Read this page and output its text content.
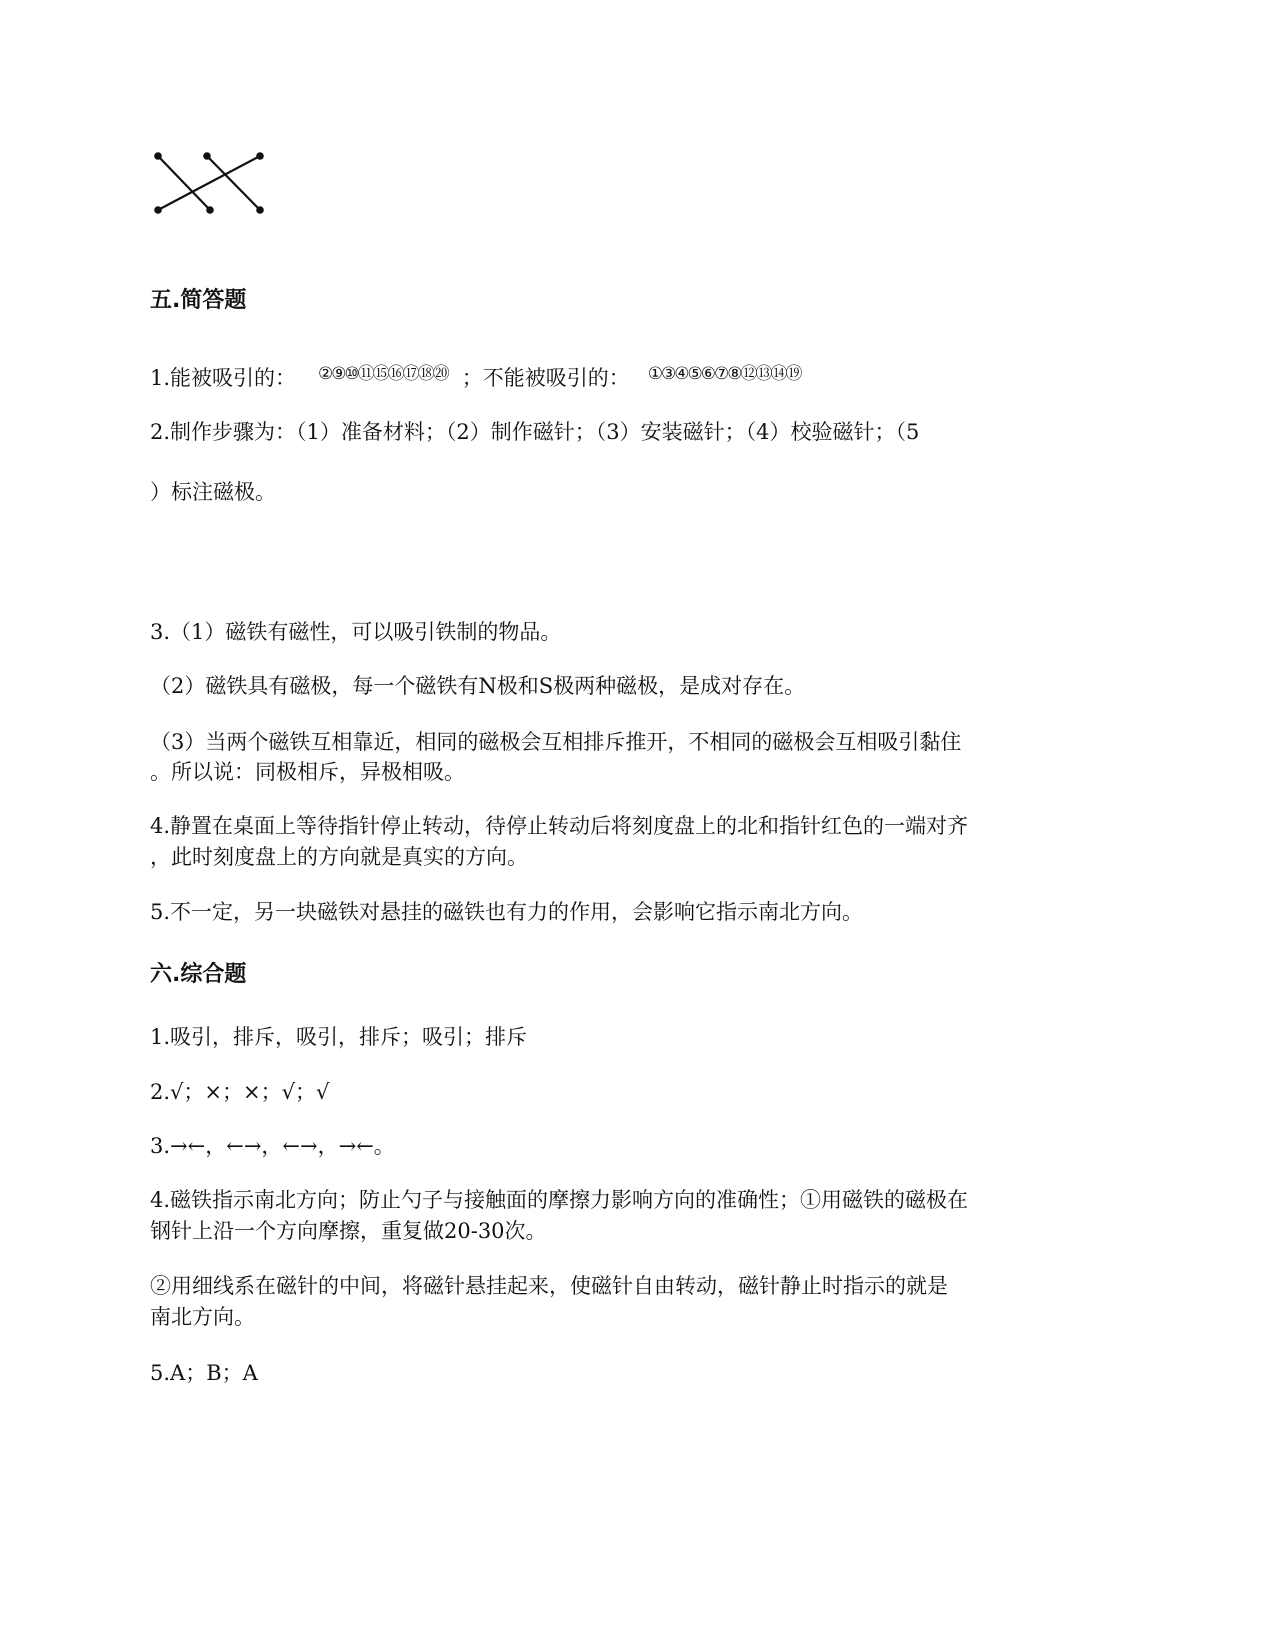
五.简答题
1.能被吸引的： ②⑨⑩⑪⑮⑯⑰⑱⑳ ；不能被吸引的： ①③④⑤⑥⑦⑧⑫⑬⑭⑲
2.制作步骤为：（1）准备材料；（2）制作磁针；（3）安装磁针；（4）校验磁针；（5
）标注磁极。
3.（1）磁铁有磁性，可以吸引铁制的物品。
（2）磁铁具有磁极，每一个磁铁有N极和S极两种磁极，是成对存在。
（3）当两个磁铁互相靠近，相同的磁极会互相排斥推开，不相同的磁极会互相吸引黏住
。所以说：同极相斥，异极相吸。
4.静置在桌面上等待指针停止转动，待停止转动后将刻度盘上的北和指针红色的一端对齐
，此时刻度盘上的方向就是真实的方向。
5.不一定，另一块磁铁对悬挂的磁铁也有力的作用，会影响它指示南北方向。
六.综合题
1.吸引，排斥，吸引，排斥；吸引；排斥
2.√；×；×；√；√
3.→←，←→，←→，→←。
4.磁铁指示南北方向；防止勺子与接触面的摩擦力影响方向的准确性；①用磁铁的磁极在
钢针上沿一个方向摩擦，重复做20-30次。
②用细线系在磁针的中间，将磁针悬挂起来，使磁针自由转动，磁针静止时指示的就是
南北方向。
5.A；B；A
